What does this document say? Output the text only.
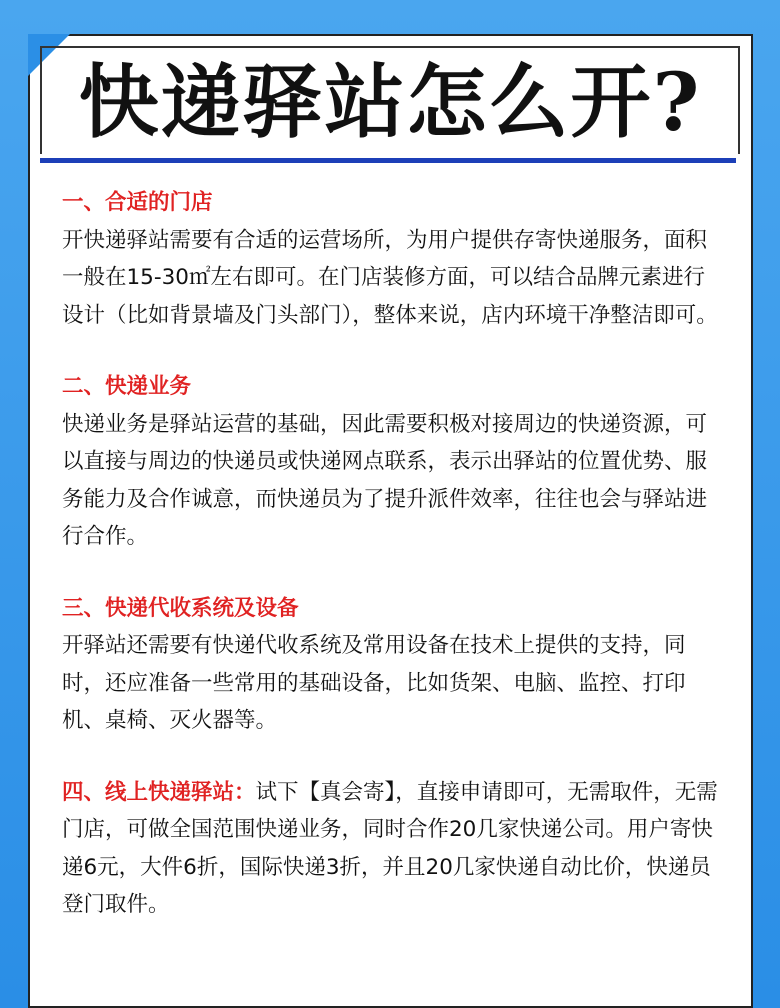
快递驿站怎么开?

一、合适的门店

开快递驿站需要有合适的运营场所，为用户提供存寄快递服务，面积一般在15-30㎡左右即可。在门店装修方面，可以结合品牌元素进行设计（比如背景墙及门头部门），整体来说，店内环境干净整洁即可。

二、快递业务

快递业务是驿站运营的基础，因此需要积极对接周边的快递资源，可以直接与周边的快递员或快递网点联系，表示出驿站的位置优势、服务能力及合作诚意，而快递员为了提升派件效率，往往也会与驿站进行合作。

三、快递代收系统及设备

开驿站还需要有快递代收系统及常用设备在技术上提供的支持，同时，还应准备一些常用的基础设备，比如货架、电脑、监控、打印机、桌椅、灭火器等。

四、线上快递驿站：试下【真会寄】，直接申请即可，无需取件，无需门店，可做全国范围快递业务，同时合作20几家快递公司。用户寄快递6元，大件6折，国际快递3折，并且20几家快递自动比价，快递员登门取件。
